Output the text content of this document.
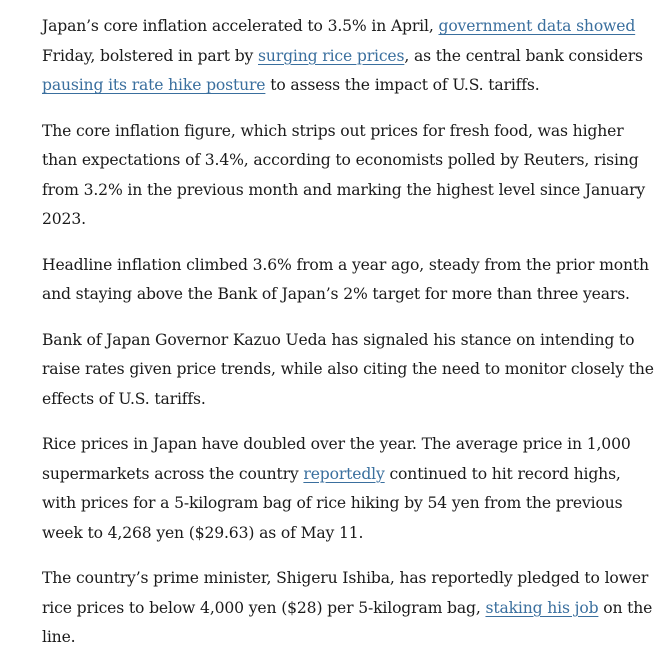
Japan’s core inflation accelerated to 3.5% in April, government data showed Friday, bolstered in part by surging rice prices, as the central bank considers pausing its rate hike posture to assess the impact of U.S. tariffs.

The core inflation figure, which strips out prices for fresh food, was higher than expectations of 3.4%, according to economists polled by Reuters, rising from 3.2% in the previous month and marking the highest level since January 2023.

Headline inflation climbed 3.6% from a year ago, steady from the prior month and staying above the Bank of Japan’s 2% target for more than three years.

Bank of Japan Governor Kazuo Ueda has signaled his stance on intending to raise rates given price trends, while also citing the need to monitor closely the effects of U.S. tariffs.

Rice prices in Japan have doubled over the year. The average price in 1,000 supermarkets across the country reportedly continued to hit record highs, with prices for a 5-kilogram bag of rice hiking by 54 yen from the previous week to 4,268 yen ($29.63) as of May 11.

The country’s prime minister, Shigeru Ishiba, has reportedly pledged to lower rice prices to below 4,000 yen ($28) per 5-kilogram bag, staking his job on the line.
